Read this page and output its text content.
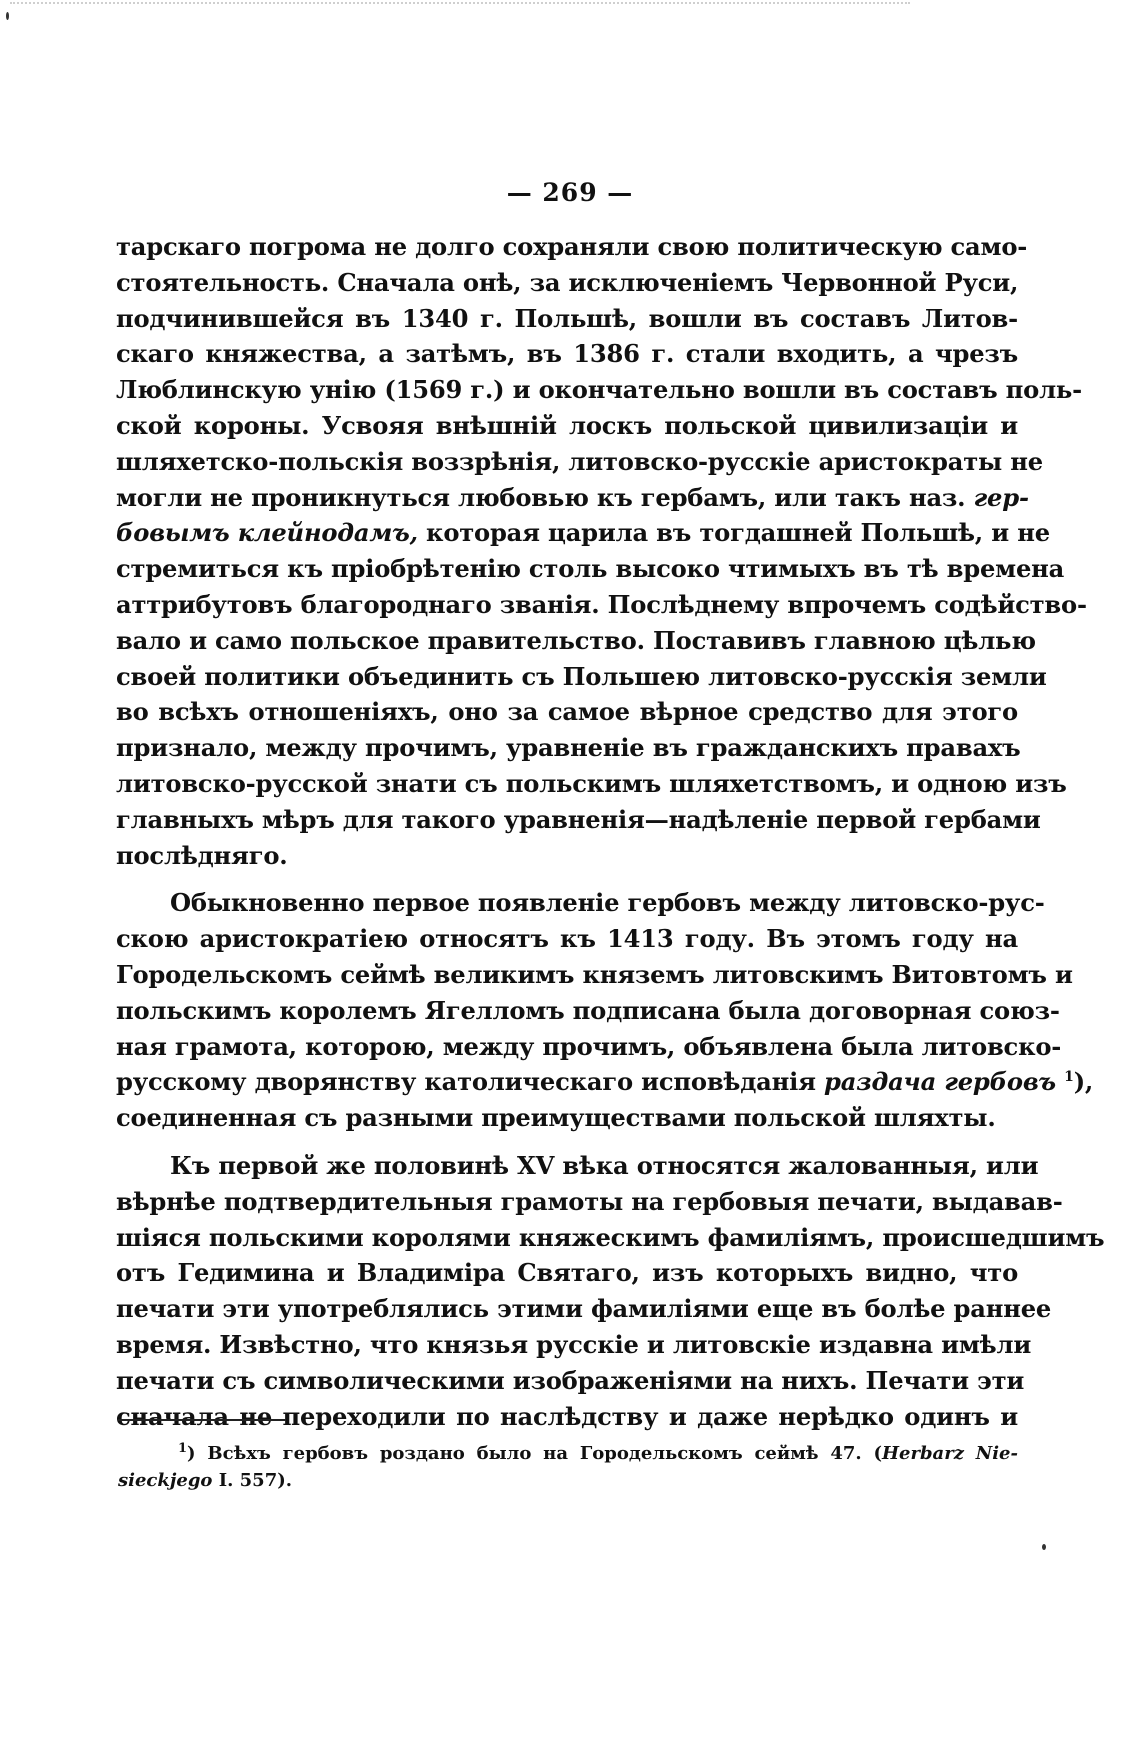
— 269 —

тарскаго погрома не долго сохраняли свою политическую само-

стоятельность. Сначала онѣ, за исключеніемъ Червонной Руси,

подчинившейся въ 1340 г. Польшѣ, вошли въ составъ Литов-

скаго княжества, а затѣмъ, въ 1386 г. стали входить, а чрезъ

Люблинскую унію (1569 г.) и окончательно вошли въ составъ поль-

ской короны. Усвояя внѣшній лоскъ польской цивилизаціи и

шляхетско-польскія воззрѣнія, литовско-русскіе аристократы не

могли не проникнуться любовью къ гербамъ, или такъ наз. гер-

бовымъ клейнодамъ, которая царила въ тогдашней Польшѣ, и не

стремиться къ пріобрѣтенію столь высоко чтимыхъ въ тѣ времена

аттрибутовъ благороднаго званія. Послѣднему впрочемъ содѣйство-

вало и само польское правительство. Поставивъ главною цѣлью

своей политики объединить съ Польшею литовско-русскія земли

во всѣхъ отношеніяхъ, оно за самое вѣрное средство для этого

признало, между прочимъ, уравненіе въ гражданскихъ правахъ

литовско-русской знати съ польскимъ шляхетствомъ, и одною изъ

главныхъ мѣръ для такого уравненія—надѣленіе первой гербами

послѣдняго.

Обыкновенно первое появленіе гербовъ между литовско-рус-

скою аристократіею относятъ къ 1413 году. Въ этомъ году на

Городельскомъ сеймѣ великимъ княземъ литовскимъ Витовтомъ и

польскимъ королемъ Ягелломъ подписана была договорная союз-

ная грамота, которою, между прочимъ, объявлена была литовско-

русскому дворянству католическаго исповѣданія раздача гербовъ $^1$),

соединенная съ разными преимуществами польской шляхты.

Къ первой же половинѣ XV вѣка относятся жалованныя, или

вѣрнѣе подтвердительныя грамоты на гербовыя печати, выдавав-

шіяся польскими королями княжескимъ фамиліямъ, происшедшимъ

отъ Гедимина и Владиміра Святаго, изъ которыхъ видно, что

печати эти употреблялись этими фамиліями еще въ болѣе раннее

время. Извѣстно, что князья русскіе и литовскіе издавна имѣли

печати съ символическими изображеніями на нихъ. Печати эти

сначала не переходили по наслѣдству и даже нерѣдко одинъ и

$^1$) Всѣхъ гербовъ роздано было на Городельскомъ сеймѣ 47. (Herbarz Nie-

sieckjego I. 557).
